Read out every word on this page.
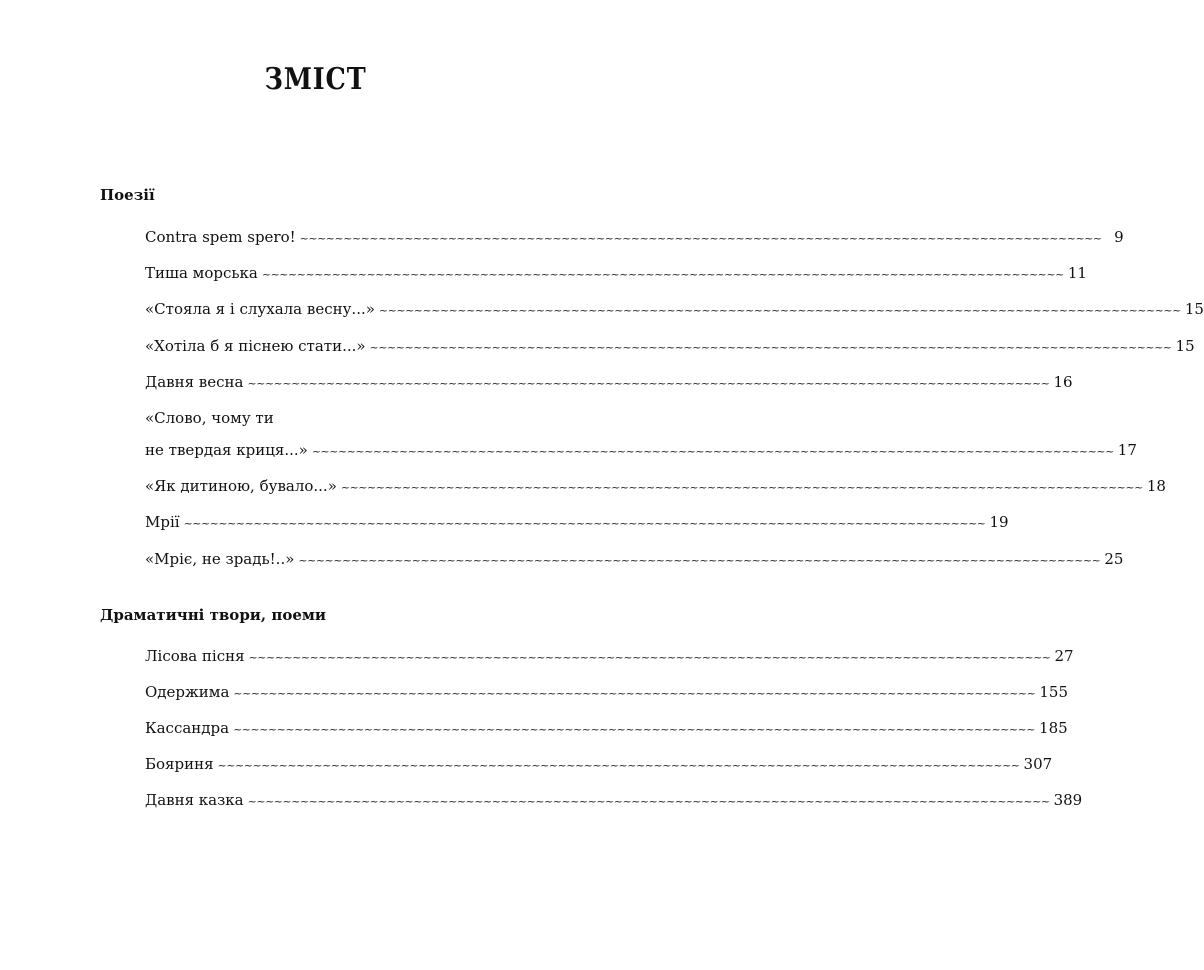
ЗМІСТ
Поезії
Contra spem spero! ~~~~~~~~~~~~~~~~~~~~~~~~~~~~~~~~~~~~~~~~~~~~~~~~~~~~~~~~~~~~~~~~~~~~~~~~~~~~~~~~~~~~~~~~~~~~ 9
Тиша морська ~~~~~~~~~~~~~~~~~~~~~~~~~~~~~~~~~~~~~~~~~~~~~~~~~~~~~~~~~~~~~~~~~~~~~~~~~~~~~~~~~~~~~~~~~~~~ 11
«Стояла я і слухала весну...» ~~~~~~~~~~~~~~~~~~~~~~~~~~~~~~~~~~~~~~~~~~~~~~~~~~~~~~~~~~~~~~~~~~~~~~~~~~~~~~~~~~~~~~~~~~~~ 15
«Хотіла б я піснею стати...» ~~~~~~~~~~~~~~~~~~~~~~~~~~~~~~~~~~~~~~~~~~~~~~~~~~~~~~~~~~~~~~~~~~~~~~~~~~~~~~~~~~~~~~~~~~~~ 15
Давня весна ~~~~~~~~~~~~~~~~~~~~~~~~~~~~~~~~~~~~~~~~~~~~~~~~~~~~~~~~~~~~~~~~~~~~~~~~~~~~~~~~~~~~~~~~~~~~ 16
«Слово, чому ти
не твердая криця...» ~~~~~~~~~~~~~~~~~~~~~~~~~~~~~~~~~~~~~~~~~~~~~~~~~~~~~~~~~~~~~~~~~~~~~~~~~~~~~~~~~~~~~~~~~~~~ 17
«Як дитиною, бувало...» ~~~~~~~~~~~~~~~~~~~~~~~~~~~~~~~~~~~~~~~~~~~~~~~~~~~~~~~~~~~~~~~~~~~~~~~~~~~~~~~~~~~~~~~~~~~~ 18
Мрії ~~~~~~~~~~~~~~~~~~~~~~~~~~~~~~~~~~~~~~~~~~~~~~~~~~~~~~~~~~~~~~~~~~~~~~~~~~~~~~~~~~~~~~~~~~~~ 19
«Мріє, не зрадь!..» ~~~~~~~~~~~~~~~~~~~~~~~~~~~~~~~~~~~~~~~~~~~~~~~~~~~~~~~~~~~~~~~~~~~~~~~~~~~~~~~~~~~~~~~~~~~~ 25
Драматичні твори, поеми
Лісова пісня ~~~~~~~~~~~~~~~~~~~~~~~~~~~~~~~~~~~~~~~~~~~~~~~~~~~~~~~~~~~~~~~~~~~~~~~~~~~~~~~~~~~~~~~~~~~~ 27
Одержима ~~~~~~~~~~~~~~~~~~~~~~~~~~~~~~~~~~~~~~~~~~~~~~~~~~~~~~~~~~~~~~~~~~~~~~~~~~~~~~~~~~~~~~~~~~~~ 155
Кассандра ~~~~~~~~~~~~~~~~~~~~~~~~~~~~~~~~~~~~~~~~~~~~~~~~~~~~~~~~~~~~~~~~~~~~~~~~~~~~~~~~~~~~~~~~~~~~ 185
Бояриня ~~~~~~~~~~~~~~~~~~~~~~~~~~~~~~~~~~~~~~~~~~~~~~~~~~~~~~~~~~~~~~~~~~~~~~~~~~~~~~~~~~~~~~~~~~~~ 307
Давня казка ~~~~~~~~~~~~~~~~~~~~~~~~~~~~~~~~~~~~~~~~~~~~~~~~~~~~~~~~~~~~~~~~~~~~~~~~~~~~~~~~~~~~~~~~~~~~ 389
